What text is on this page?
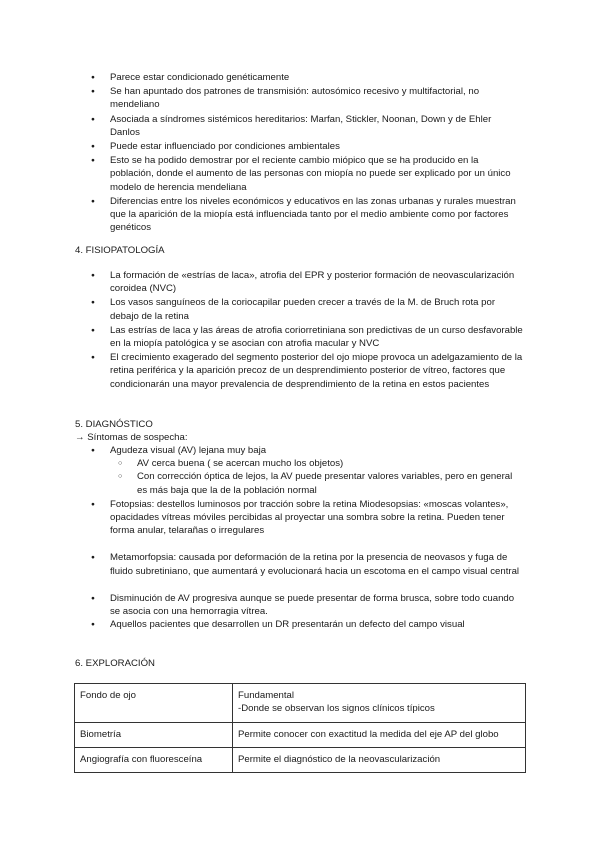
● Parece estar condicionado genéticamente
● Se han apuntado dos patrones de transmisión: autosómico recesivo y multifactorial, no mendeliano
● Asociada a síndromes sistémicos hereditarios: Marfan, Stickler, Noonan, Down y de Ehler Danlos
● Puede estar influenciado por condiciones ambientales
● Esto se ha podido demostrar por el reciente cambio miópico que se ha producido en la población, donde el aumento de las personas con miopía no puede ser explicado por un único modelo de herencia mendeliana
● Diferencias entre los niveles económicos y educativos en las zonas urbanas y rurales muestran que la aparición de la miopía está influenciada tanto por el medio ambiente como por factores genéticos
4. FISIOPATOLOGÍA
● La formación de «estrías de laca», atrofia del EPR y posterior formación de neovascularización coroidea (NVC)
● Los vasos sanguíneos de la coriocapilar pueden crecer a través de la M. de Bruch rota por debajo de la retina
● Las estrías de laca y las áreas de atrofia coriorretiniana son predictivas de un curso desfavorable en la miopía patológica y se asocian con atrofia macular y NVC
● El crecimiento exagerado del segmento posterior del ojo miope provoca un adelgazamiento de la retina periférica y la aparición precoz de un desprendimiento posterior de vítreo, factores que condicionarán una mayor prevalencia de desprendimiento de la retina en estos pacientes
5. DIAGNÓSTICO
→ Síntomas de sospecha:
● Agudeza visual (AV) lejana muy baja
○ AV cerca buena ( se acercan mucho los objetos)
○ Con corrección óptica de lejos, la AV puede presentar valores variables, pero en general es más baja que la de la población normal
● Fotopsias: destellos luminosos por tracción sobre la retina Miodesopsias: «moscas volantes», opacidades vítreas móviles percibidas al proyectar una sombra sobre la retina. Pueden tener forma anular, telarañas o irregulares
● Metamorfopsia: causada por deformación de la retina por la presencia de neovasos y fuga de fluido subretiniano, que aumentará y evolucionará hacia un escotoma en el campo visual central
● Disminución de AV progresiva aunque se puede presentar de forma brusca, sobre todo cuando se asocia con una hemorragia vítrea.
● Aquellos pacientes que desarrollen un DR presentarán un defecto del campo visual
6. EXPLORACIÓN
Fondo de ojo	Fundamental
-Donde se observan los signos clínicos típicos

Biometría	Permite conocer con exactitud la medida del eje AP del globo
Angiografía con fluoresceína	Permite el diagnóstico de la neovascularización
